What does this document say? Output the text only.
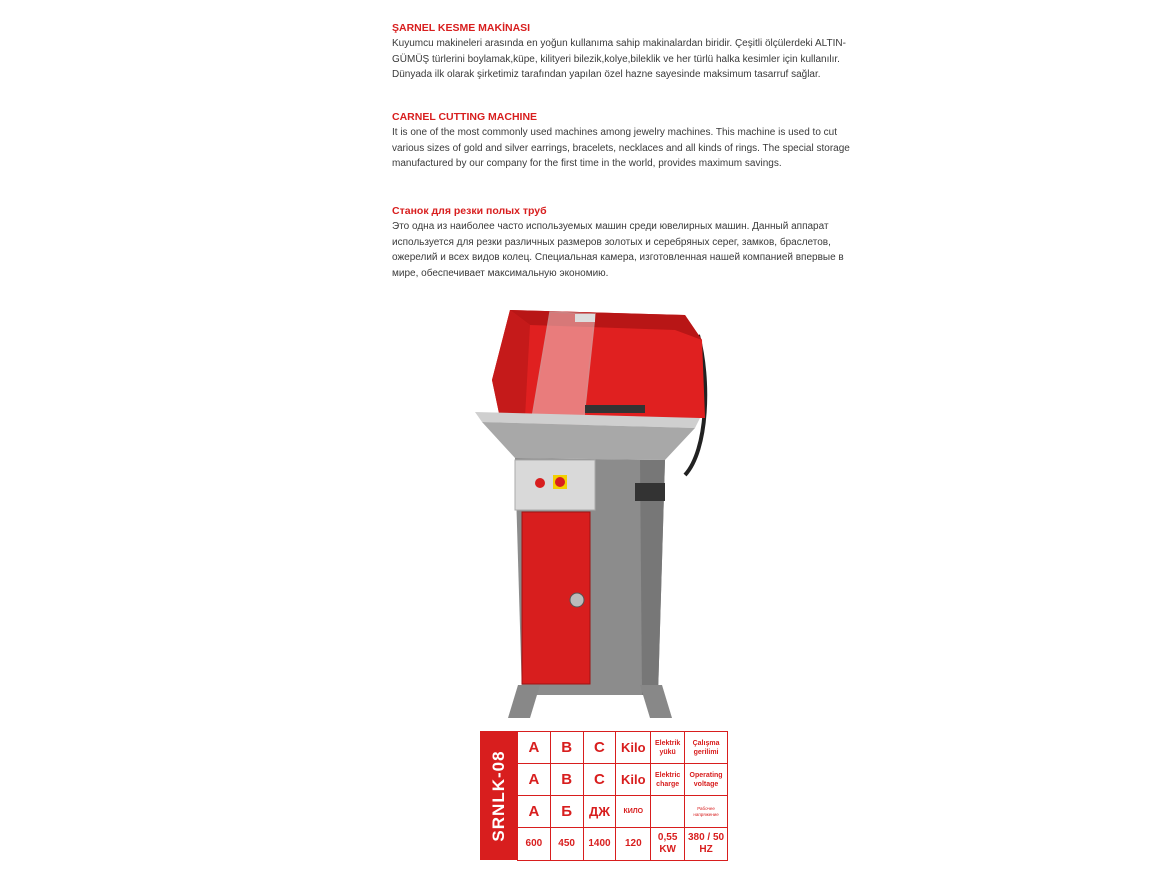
ŞARNEL KESME MAKİNASI

Kuyumcu makineleri arasında en yoğun kullanıma sahip makinalardan biridir. Çeşitli ölçülerdeki ALTIN-GÜMÜŞ türlerini boylamak,küpe, kilityeri bilezik,kolye,bileklik ve her türlü halka kesimler için kullanılır. Dünyada ilk olarak şirketimiz tarafından yapılan özel hazne sayesinde maksimum tasarruf sağlar.

CARNEL CUTTING MACHINE

It is one of the most commonly used machines among jewelry machines. This machine is used to cut various sizes of gold and silver earrings, bracelets, necklaces and all kinds of rings. The special storage manufactured by our company for the first time in the world, provides maximum savings.

Станок для резки полых труб

Это одна из наиболее часто используемых машин среди ювелирных машин. Данный аппарат используется для резки различных размеров золотых и серебряных серег, замков, браслетов, ожерелий и всех видов колец. Специальная камера, изготовленная нашей компанией впервые в мире, обеспечивает максимальную экономию.

SRNLK-08
A	B	C	Kilo	Elektrik yükü	Çalışma gerilimi
A	B	C	Kilo	Elektric charge	Operating voltage
А	Б	ДЖ	КИЛО		Рабочее напряжение
600	450	1400	120	0,55 KW	380 / 50 HZ
